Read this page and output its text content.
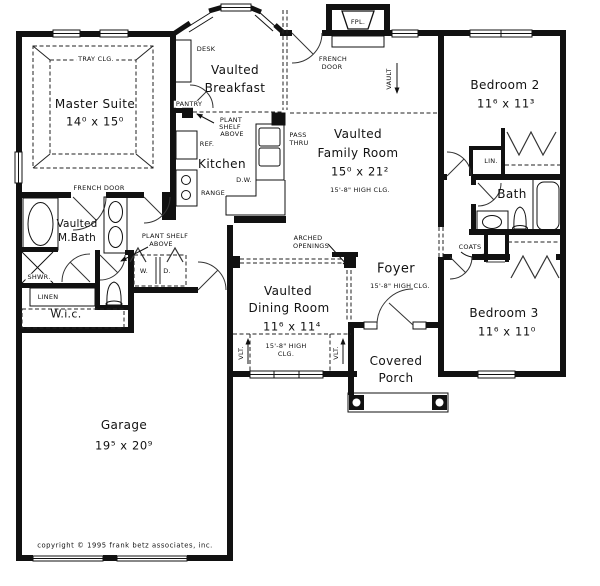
TRAY CLG.
Master Suite
14⁰ x 15⁰
FRENCH DOOR
Vaulted
M.Bath
SHWR.
LINEN
W.i.c.
PLANT SHELF
ABOVE
W. D.
Garage
19⁵ x 20⁹
copyright © 1995 frank betz associates, inc.
DESK
PANTRY
Vaulted
Breakfast
PLANT
SHELF
ABOVE
REF.
Kitchen
D.W.
RANGE
PASS
THRU
FRENCH
DOOR
FPL.
VAULT
Vaulted
Family Room
15⁰ x 21²
15'-8" HIGH CLG.
Bedroom 2
11⁶ x 11³
LIN.
Bath
COATS
Bedroom 3
11⁶ x 11⁰
ARCHED
OPENINGS
Vaulted
Dining Room
11⁶ x 11⁴
15'-8" HIGH
CLG.
VLT.	VLT.
Foyer
15'-8" HIGH CLG.
Covered
Porch
